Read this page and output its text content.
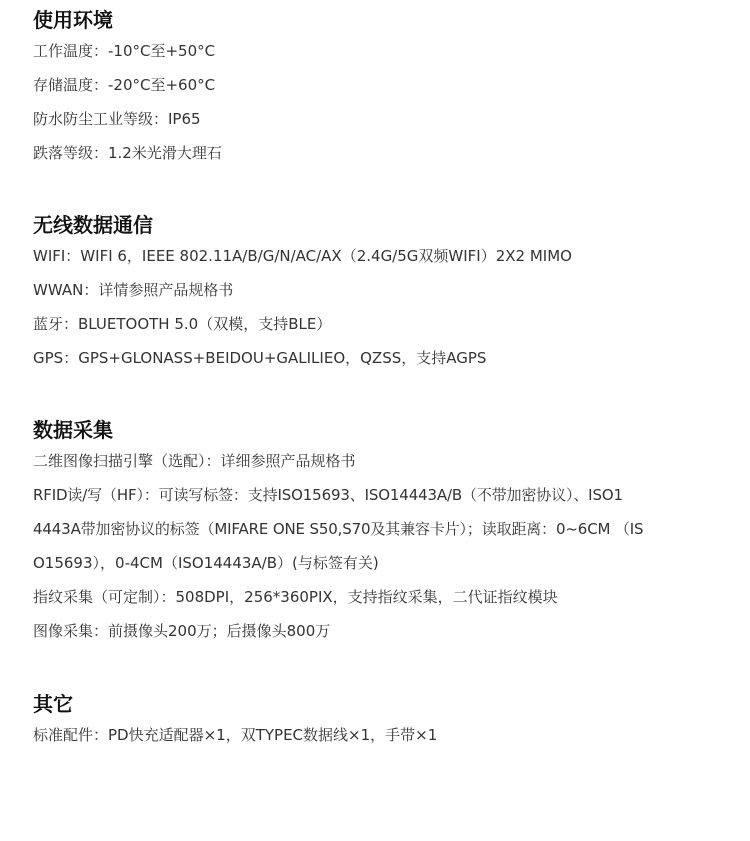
使用环境
工作温度：-10°C至+50°C
存储温度：-20°C至+60°C
防水防尘工业等级：IP65
跌落等级：1.2米光滑大理石
无线数据通信
WIFI：WIFI 6，IEEE 802.11A/B/G/N/AC/AX（2.4G/5G双频WIFI）2X2 MIMO
WWAN：详情参照产品规格书
蓝牙：BLUETOOTH 5.0（双模，支持BLE）
GPS：GPS+GLONASS+BEIDOU+GALILIEO，QZSS，支持AGPS
数据采集
二维图像扫描引擎（选配）：详细参照产品规格书
RFID读/写（HF）：可读写标签：支持ISO15693、ISO14443A/B（不带加密协议）、ISO1
4443A带加密协议的标签（MIFARE ONE S50,S70及其兼容卡片）；读取距离：0~6CM （IS
O15693），0-4CM（ISO14443A/B）(与标签有关)
指纹采集（可定制）：508DPI，256*360PIX，支持指纹采集，二代证指纹模块
图像采集：前摄像头200万；后摄像头800万
其它
标准配件：PD快充适配器×1，双TYPEC数据线×1，手带×1
